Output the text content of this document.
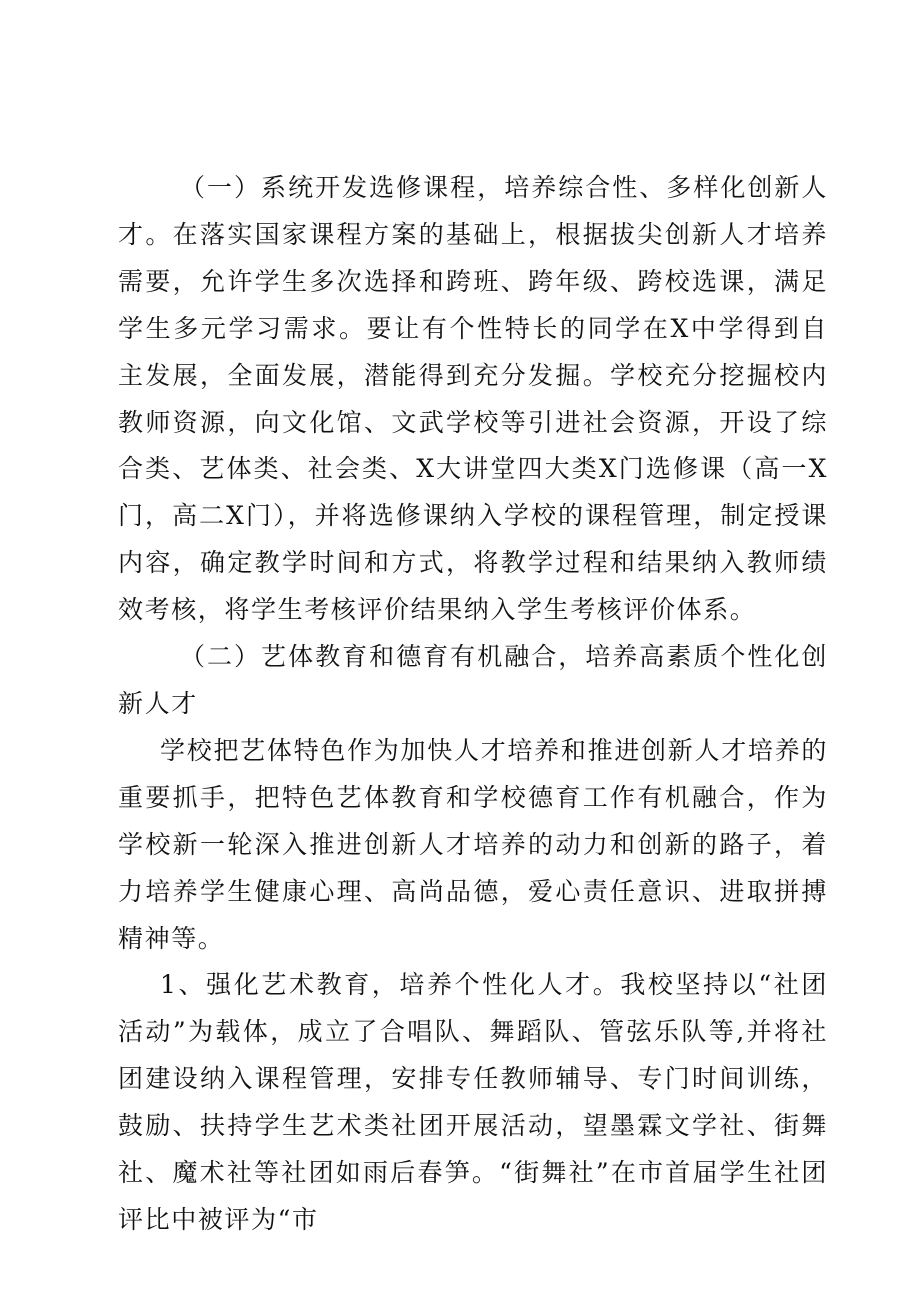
（一）系统开发选修课程，培养综合性、多样化创新人才。在落实国家课程方案的基础上，根据拔尖创新人才培养需要，允许学生多次选择和跨班、跨年级、跨校选课，满足学生多元学习需求。要让有个性特长的同学在X中学得到自主发展，全面发展，潜能得到充分发掘。学校充分挖掘校内教师资源，向文化馆、文武学校等引进社会资源，开设了综合类、艺体类、社会类、X大讲堂四大类X门选修课（高一X门，高二X门），并将选修课纳入学校的课程管理，制定授课内容，确定教学时间和方式，将教学过程和结果纳入教师绩效考核，将学生考核评价结果纳入学生考核评价体系。

（二）艺体教育和德育有机融合，培养高素质个性化创新人才

学校把艺体特色作为加快人才培养和推进创新人才培养的重要抓手，把特色艺体教育和学校德育工作有机融合，作为学校新一轮深入推进创新人才培养的动力和创新的路子，着力培养学生健康心理、高尚品德，爱心责任意识、进取拼搏精神等。

1、强化艺术教育，培养个性化人才。我校坚持以“社团活动”为载体，成立了合唱队、舞蹈队、管弦乐队等,并将社团建设纳入课程管理，安排专任教师辅导、专门时间训练，鼓励、扶持学生艺术类社团开展活动，望墨霖文学社、街舞社、魔术社等社团如雨后春笋。“街舞社”在市首届学生社团评比中被评为“市
